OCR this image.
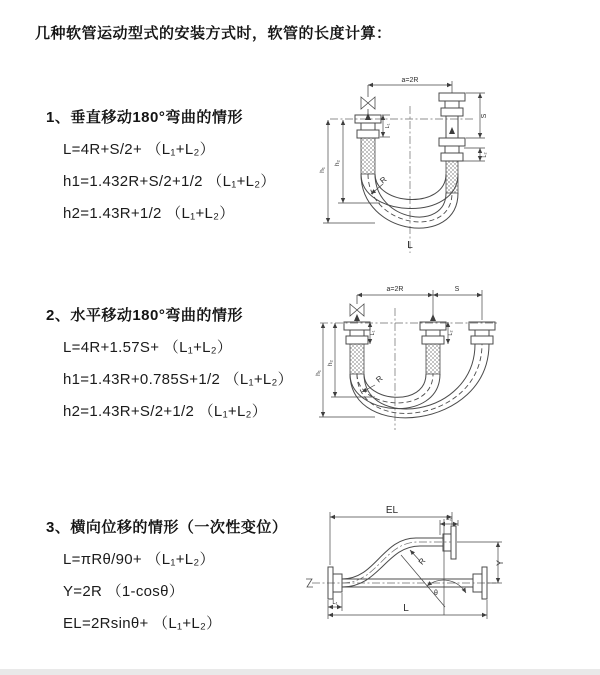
几种软管运动型式的安装方式时，软管的长度计算：
1、垂直移动180°弯曲的情形
L=4R+S/2+ （L₁+L₂）
h1=1.432R+S/2+1/2 （L₁+L₂）
h2=1.43R+1/2 （L₁+L₂）
2、水平移动180°弯曲的情形
L=4R+1.57S+ （L₁+L₂）
h1=1.43R+0.785S+1/2 （L₁+L₂）
h2=1.43R+S/2+1/2 （L₁+L₂）
3、横向位移的情形（一次性变位）
L=πRθ/90+ （L₁+L₂）
Y=2R （1-cosθ）
EL=2Rsinθ+ （L₁+L₂）
a=2R
S
L₂
L₁
h₁
h₂
R
L
a=2R	S
L₁	L₂
h₁
h₂
R
EL
L₂
Y
R
θ
L
L₁
